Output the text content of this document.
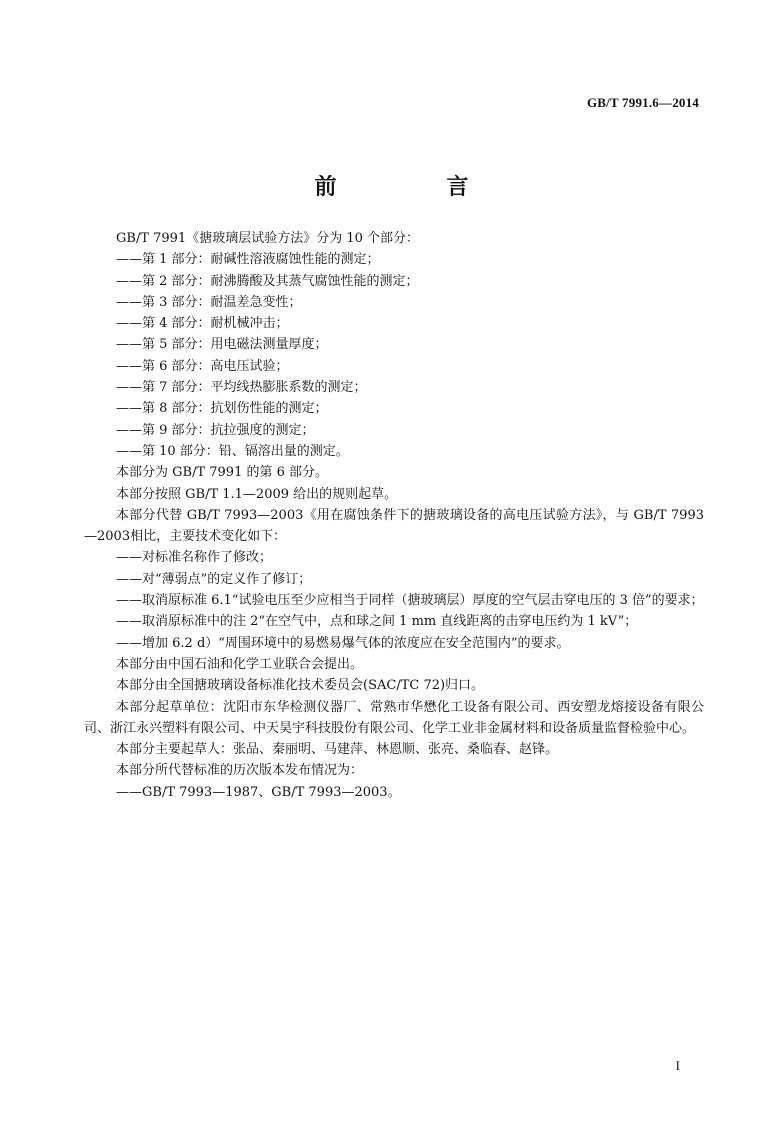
GB/T 7991.6—2014
前　言

GB/T 7991《搪玻璃层试验方法》分为 10 个部分：

——第 1 部分：耐碱性溶液腐蚀性能的测定；

——第 2 部分：耐沸腾酸及其蒸气腐蚀性能的测定；

——第 3 部分：耐温差急变性；

——第 4 部分：耐机械冲击；

——第 5 部分：用电磁法测量厚度；

——第 6 部分：高电压试验；

——第 7 部分：平均线热膨胀系数的测定；

——第 8 部分：抗划伤性能的测定；

——第 9 部分：抗拉强度的测定；

——第 10 部分：铅、镉溶出量的测定。

本部分为 GB/T 7991 的第 6 部分。

本部分按照 GB/T 1.1—2009 给出的规则起草。

本部分代替 GB/T 7993—2003《用在腐蚀条件下的搪玻璃设备的高电压试验方法》，与 GB/T 7993—2003相比，主要技术变化如下：

——对标准名称作了修改；

——对“薄弱点”的定义作了修订；

——取消原标准 6.1“试验电压至少应相当于同样（搪玻璃层）厚度的空气层击穿电压的 3 倍”的要求；

——取消原标准中的注 2“在空气中，点和球之间 1 mm 直线距离的击穿电压约为 1 kV”；

——增加 6.2 d）“周围环境中的易燃易爆气体的浓度应在安全范围内”的要求。

本部分由中国石油和化学工业联合会提出。

本部分由全国搪玻璃设备标准化技术委员会(SAC/TC 72)归口。

本部分起草单位：沈阳市东华检测仪器厂、常熟市华懋化工设备有限公司、西安塑龙熔接设备有限公司、浙江永兴塑料有限公司、中天昊宇科技股份有限公司、化学工业非金属材料和设备质量监督检验中心。

本部分主要起草人：张品、秦丽明、马建萍、林恩顺、张亮、桑临春、赵锋。

本部分所代替标准的历次版本发布情况为：

——GB/T 7993—1987、GB/T 7993—2003。

I
